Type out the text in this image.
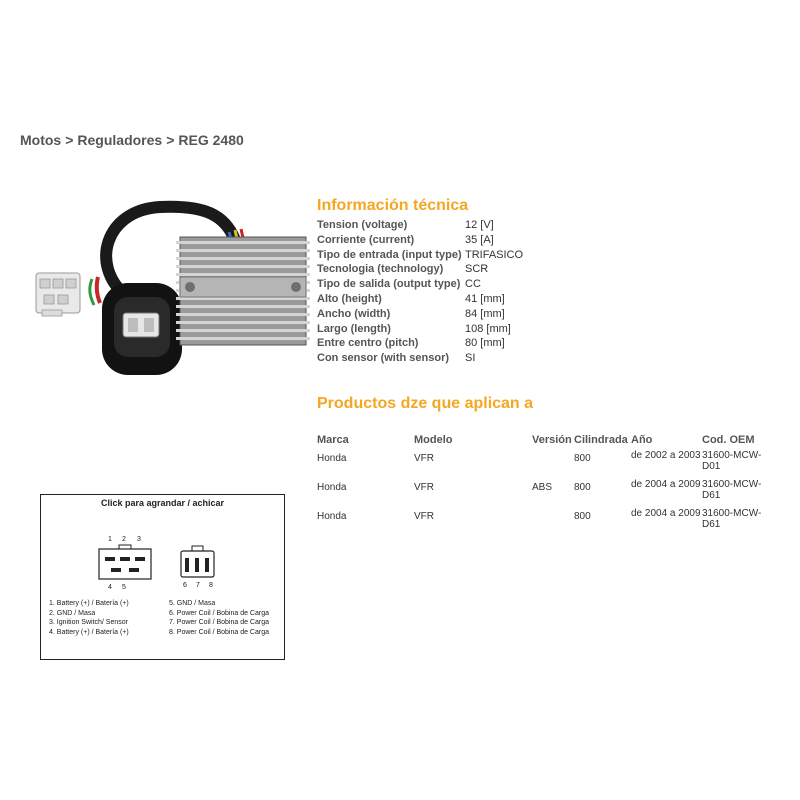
Motos > Reguladores > REG 2480
Información técnica
Tension (voltage)	12 [V]
Corriente (current)	35 [A]
Tipo de entrada (input type)	TRIFASICO
Tecnologia (technology)	SCR
Tipo de salida (output type)	CC
Alto (height)	41 [mm]
Ancho (width)	84 [mm]
Largo (length)	108 [mm]
Entre centro (pitch)	80 [mm]
Con sensor (with sensor)	SI
Productos dze que aplican a
Marca	Modelo	Versión	Cilindrada	Año	Cod. OEM
Honda	VFR		800	de 2002 a 2003	31600-MCW-D01
Honda	VFR	ABS	800	de 2004 a 2009	31600-MCW-D61
Honda	VFR		800	de 2004 a 2009	31600-MCW-D61
Click para agrandar / achicar
1 2 3
4 5	6 7 8
1. Battery (+) / Batería (+)
2. GND / Masa
3. Ignition Switch/ Sensor
4. Battery (+) / Batería (+)
5. GND / Masa
6. Power Coil / Bobina de Carga
7. Power Coil / Bobina de Carga
8. Power Coil / Bobina de Carga
